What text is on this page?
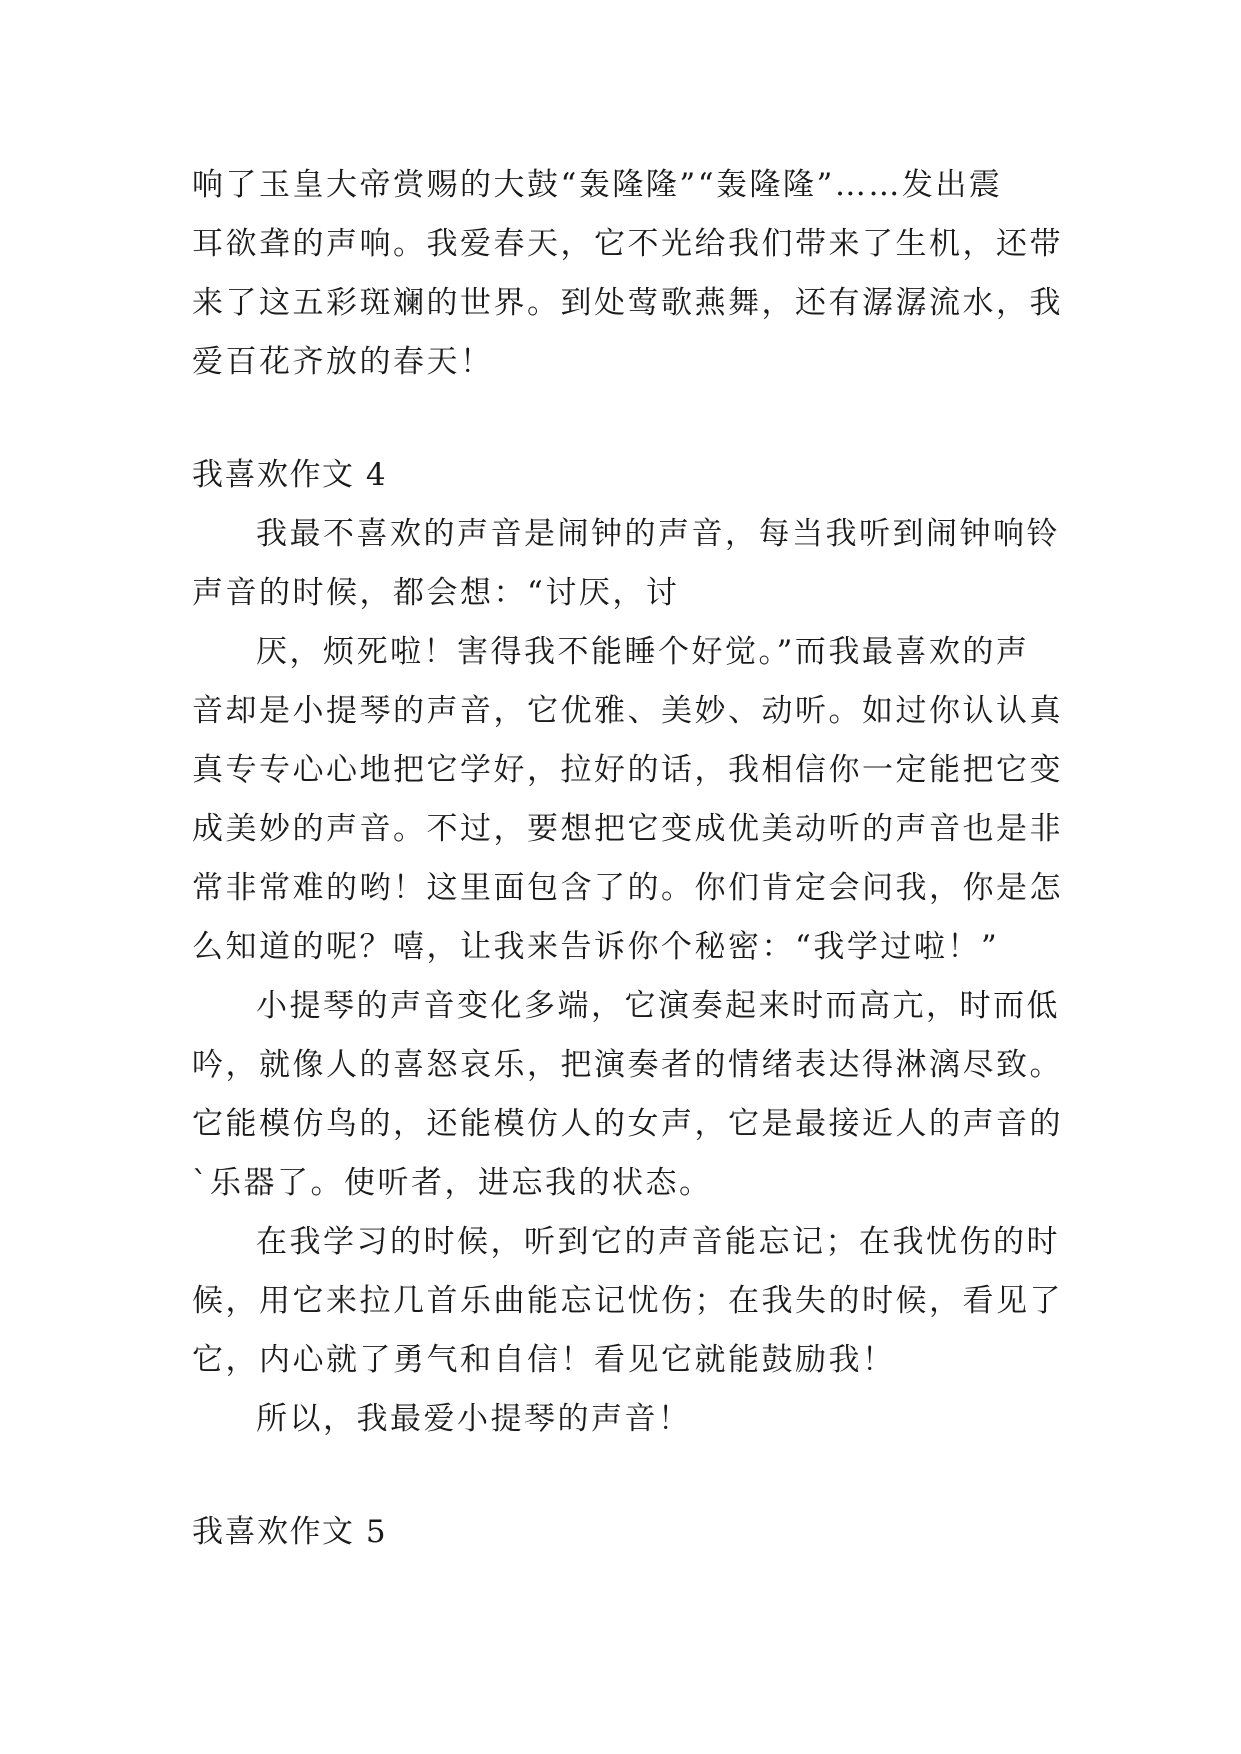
响了玉皇大帝赏赐的大鼓“轰隆隆”“轰隆隆”……发出震

耳欲聋的声响。我爱春天，它不光给我们带来了生机，还带

来了这五彩斑斓的世界。到处莺歌燕舞，还有潺潺流水，我

爱百花齐放的春天！

我喜欢作文 4

我最不喜欢的声音是闹钟的声音，每当我听到闹钟响铃

声音的时候，都会想：“讨厌，讨

厌，烦死啦！害得我不能睡个好觉。”而我最喜欢的声

音却是小提琴的声音，它优雅、美妙、动听。如过你认认真

真专专心心地把它学好，拉好的话，我相信你一定能把它变

成美妙的声音。不过，要想把它变成优美动听的声音也是非

常非常难的哟！这里面包含了的。你们肯定会问我，你是怎

么知道的呢？嘻，让我来告诉你个秘密：“我学过啦！”

小提琴的声音变化多端，它演奏起来时而高亢，时而低

吟，就像人的喜怒哀乐，把演奏者的情绪表达得淋漓尽致。

它能模仿鸟的，还能模仿人的女声，它是最接近人的声音的

`乐器了。使听者，进忘我的状态。

在我学习的时候，听到它的声音能忘记；在我忧伤的时

候，用它来拉几首乐曲能忘记忧伤；在我失的时候，看见了

它，内心就了勇气和自信！看见它就能鼓励我！

所以，我最爱小提琴的声音！

我喜欢作文 5
